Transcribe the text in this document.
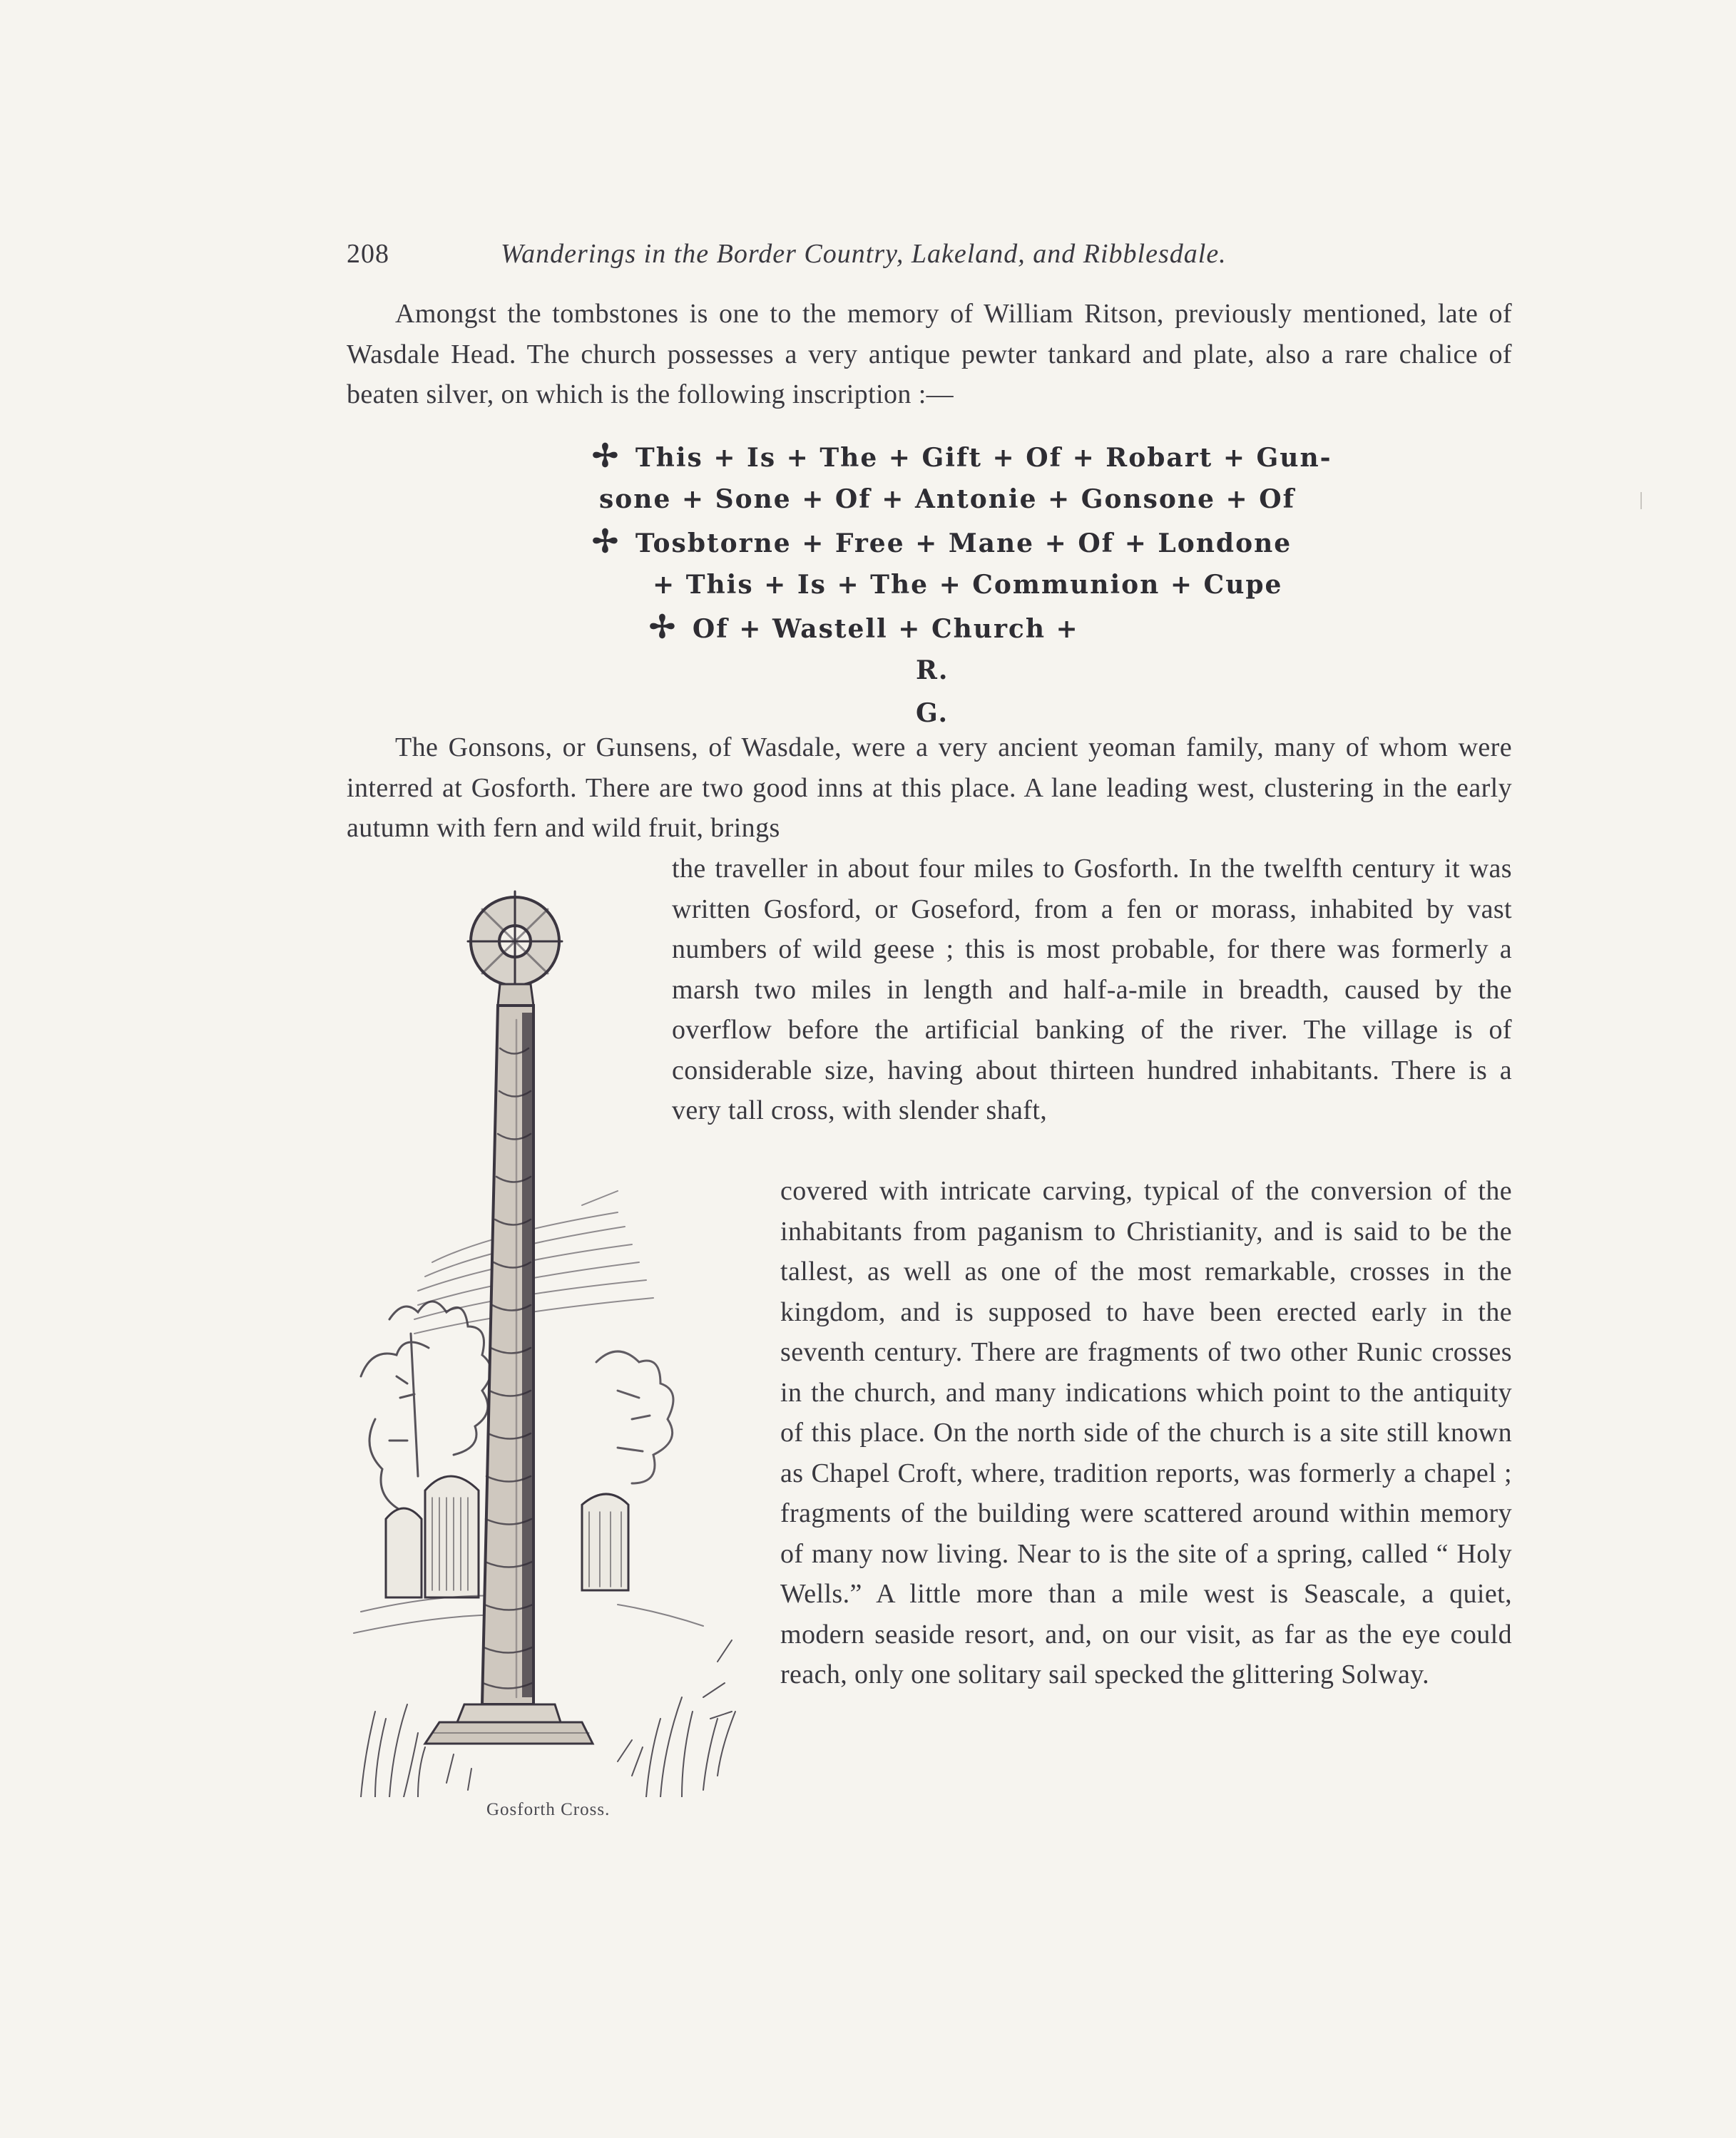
208	Wanderings in the Border Country, Lakeland, and Ribblesdale.

Amongst the tombstones is one to the memory of William Ritson, previously mentioned, late of Wasdale Head. The church possesses a very antique pewter tankard and plate, also a rare chalice of beaten silver, on which is the following inscription :—

✢ This + Is + The + Gift + Of + Robart + Gun-
sone + Sone + Of + Antonie + Gonsone + Of
✢ Tosbtorne + Free + Mane + Of + Londone
+ This + Is + The + Communion + Cupe
✢ Of + Wastell + Church +
R.
G.

The Gonsons, or Gunsens, of Wasdale, were a very ancient yeoman family, many of whom were interred at Gosforth. There are two good inns at this place. A lane leading west, clustering in the early autumn with fern and wild fruit, brings

the traveller in about four miles to Gosforth. In the twelfth century it was written Gosford, or Goseford, from a fen or morass, inhabited by vast numbers of wild geese ; this is most probable, for there was formerly a marsh two miles in length and half-a-mile in breadth, caused by the overflow before the artificial banking of the river. The village is of considerable size, having about thirteen hundred inhabitants. There is a very tall cross, with slender shaft,

covered with intricate carving, typical of the conversion of the inhabitants from paganism to Christianity, and is said to be the tallest, as well as one of the most remarkable, crosses in the kingdom, and is supposed to have been erected early in the seventh century. There are fragments of two other Runic crosses in the church, and many indications which point to the antiquity of this place. On the north side of the church is a site still known as Chapel Croft, where, tradition reports, was formerly a chapel ; fragments of the building were scattered around within memory of many now living. Near to is the site of a spring, called “ Holy Wells.” A little more than a mile west is Seascale, a quiet, modern seaside resort, and, on our visit, as far as the eye could reach, only one solitary sail specked the glittering Solway.

Gosforth Cross.
